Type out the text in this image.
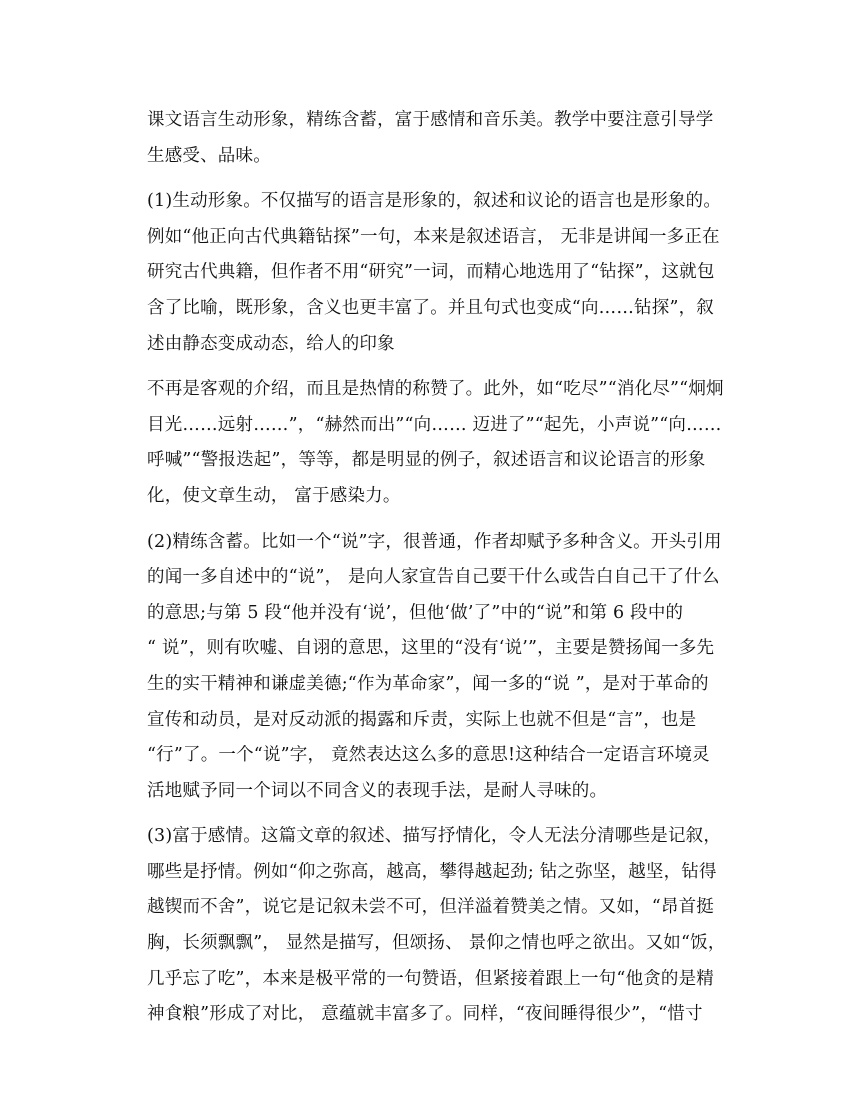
课文语言生动形象，精练含蓄，富于感情和音乐美。教学中要注意引导学
生感受、品味。
(1)生动形象。不仅描写的语言是形象的，叙述和议论的语言也是形象的。
例如“他正向古代典籍钻探”一句，本来是叙述语言， 无非是讲闻一多正在
研究古代典籍，但作者不用“研究”一词，而精心地选用了“钻探”，这就包
含了比喻，既形象，含义也更丰富了。并且句式也变成“向……钻探”，叙
述由静态变成动态，给人的印象
不再是客观的介绍，而且是热情的称赞了。此外，如“吃尽”“消化尽”“炯炯
目光……远射……”，“赫然而出”“向…… 迈进了”“起先，小声说”“向……
呼喊”“警报迭起”，等等，都是明显的例子，叙述语言和议论语言的形象
化，使文章生动， 富于感染力。
(2)精练含蓄。比如一个“说”字，很普通，作者却赋予多种含义。开头引用
的闻一多自述中的“说”， 是向人家宣告自己要干什么或告白自己干了什么
的意思;与第 5 段“他并没有‘说’，但他‘做’了”中的“说”和第 6 段中的
“ 说”，则有吹嘘、自诩的意思，这里的“没有‘说’”，主要是赞扬闻一多先
生的实干精神和谦虚美德;“作为革命家”，闻一多的“说 ”，是对于革命的
宣传和动员，是对反动派的揭露和斥责，实际上也就不但是“言”，也是
“行”了。一个“说”字， 竟然表达这么多的意思!这种结合一定语言环境灵
活地赋予同一个词以不同含义的表现手法，是耐人寻味的。
(3)富于感情。这篇文章的叙述、描写抒情化，令人无法分清哪些是记叙，
哪些是抒情。例如“仰之弥高，越高，攀得越起劲; 钻之弥坚，越坚，钻得
越锲而不舍”，说它是记叙未尝不可，但洋溢着赞美之情。又如，“昂首挺
胸，长须飘飘”， 显然是描写，但颂扬、 景仰之情也呼之欲出。又如“饭，
几乎忘了吃”，本来是极平常的一句赞语，但紧接着跟上一句“他贪的是精
神食粮”形成了对比， 意蕴就丰富多了。同样，“夜间睡得很少”，“惜寸
